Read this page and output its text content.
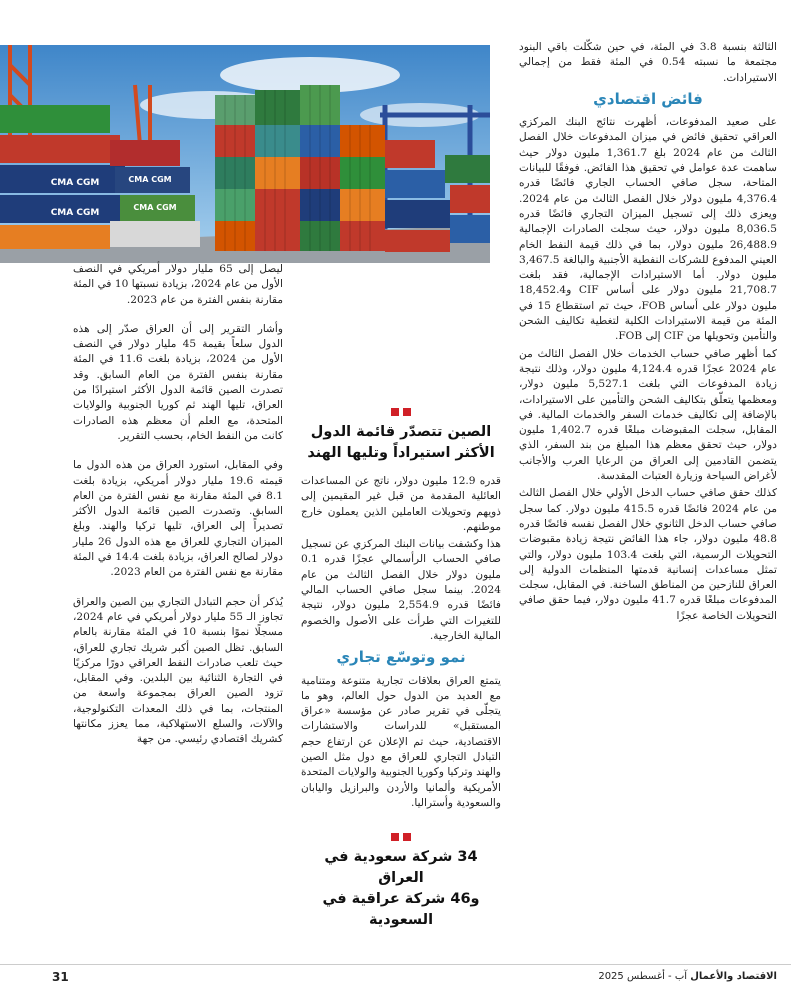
CMA CGM
CMA CGM
CMA CGM
CMA CGM

الثالثة بنسبة 3.8 في المئة، في حين شكّلت باقي البنود مجتمعة ما نسبته 0.54 في المئة فقط من إجمالي الاستيرادات.

فائض اقتصادي

على صعيد المدفوعات، أظهرت نتائج البنك المركزي العراقي تحقيق فائض في ميزان المدفوعات خلال الفصل الثالث من عام 2024 بلغ 1,361.7 مليون دولار حيث ساهمت عدة عوامل في تحقيق هذا الفائض. فوفقًا للبيانات المتاحة، سجل صافي الحساب الجاري فائضًا قدره 4,376.4 مليون دولار خلال الفصل الثالث من عام 2024. ويعزى ذلك إلى تسجيل الميزان التجاري فائضًا قدره 8,036.5 مليون دولار، حيث سجلت الصادرات الإجمالية 26,488.9 مليون دولار، بما في ذلك قيمة النفط الخام العيني المدفوع للشركات النفطية الأجنبية والبالغة 3,467.5 مليون دولار. أما الاستيرادات الإجمالية، فقد بلغت 21,708.7 مليون دولار على أساس CIF و18,452.4 مليون دولار على أساس FOB، حيث تم استقطاع 15 في المئة من قيمة الاستيرادات الكلية لتغطية تكاليف الشحن والتأمين وتحويلها من CIF إلى FOB.

كما أظهر صافي حساب الخدمات خلال الفصل الثالث من عام 2024 عجزًا قدره 4,124.4 مليون دولار، وذلك نتيجة زيادة المدفوعات التي بلغت 5,527.1 مليون دولار، ومعظمها يتعلّق بتكاليف الشحن والتأمين على الاستيرادات، بالإضافة إلى تكاليف خدمات السفر والخدمات المالية. في المقابل، سجلت المقبوضات مبلغًا قدره 1,402.7 مليون دولار، حيث تحقق معظم هذا المبلغ من بند السفر، الذي يتضمن القادمين إلى العراق من الرعايا العرب والأجانب لأغراض السياحة وزيارة العتبات المقدسة.

كذلك حقق صافي حساب الدخل الأولي خلال الفصل الثالث من عام 2024 فائضًا قدره 415.5 مليون دولار. كما سجل صافي حساب الدخل الثانوي خلال الفصل نفسه فائضًا قدره 48.8 مليون دولار، جاء هذا الفائض نتيجة زيادة مقبوضات التحويلات الرسمية، التي بلغت 103.4 مليون دولار، والتي تمثل مساعدات إنسانية قدمتها المنظمات الدولية إلى العراق للنازحين من المناطق الساخنة. في المقابل، سجلت المدفوعات مبلغًا قدره 41.7 مليون دولار، فيما حقق صافي التحويلات الخاصة عجزًا

الصين تتصدّر قائمة الدول
الأكثر استيراداً وتليها الهند

قدره 12.9 مليون دولار، ناتج عن المساعدات العائلية المقدمة من قبل غير المقيمين إلى ذويهم وتحويلات العاملين الذين يعملون خارج موطنهم.

هذا وكشفت بيانات البنك المركزي عن تسجيل صافي الحساب الرأسمالي عجزًا قدره 0.1 مليون دولار خلال الفصل الثالث من عام 2024. بينما سجل صافي الحساب المالي فائضًا قدره 2,554.9 مليون دولار، نتيجة للتغيرات التي طرأت على الأصول والخصوم المالية الخارجية.

نمو وتوسّع تجاري

يتمتع العراق بعلاقات تجارية متنوعة ومتنامية مع العديد من الدول حول العالم، وهو ما يتجلّى في تقرير صادر عن مؤسسة «عراق المستقبل» للدراسات والاستشارات الاقتصادية، حيث تم الإعلان عن ارتفاع حجم التبادل التجاري للعراق مع دول مثل الصين والهند وتركيا وكوريا الجنوبية والولايات المتحدة الأمريكية وألمانيا والأردن والبرازيل واليابان والسعودية وأستراليا.

34 شركة سعودية في العراق
و46 شركة عراقية في السعودية

ليصل إلى 65 مليار دولار أمريكي في النصف الأول من عام 2024، بزيادة نسبتها 10 في المئة مقارنة بنفس الفترة من عام 2023.

وأشار التقرير إلى أن العراق صدّر إلى هذه الدول سلعاً بقيمة 45 مليار دولار في النصف الأول من 2024، بزيادة بلغت 11.6 في المئة مقارنة بنفس الفترة من العام السابق. وقد تصدرت الصين قائمة الدول الأكثر استيرادًا من العراق، تليها الهند ثم كوريا الجنوبية والولايات المتحدة، مع العلم أن معظم هذه الصادرات كانت من النفط الخام، بحسب التقرير.

وفي المقابل، استورد العراق من هذه الدول ما قيمته 19.6 مليار دولار أمريكي، بزيادة بلغت 8.1 في المئة مقارنة مع نفس الفترة من العام السابق. وتصدرت الصين قائمة الدول الأكثر تصديراً إلى العراق، تليها تركيا والهند. وبلغ الميزان التجاري للعراق مع هذه الدول 26 مليار دولار لصالح العراق، بزيادة بلغت 14.4 في المئة مقارنة مع نفس الفترة من العام 2023.

يُذكر أن حجم التبادل التجاري بين الصين والعراق تجاوز الـ 55 مليار دولار أمريكي في عام 2024، مسجلًا نموًا بنسبة 10 في المئة مقارنة بالعام السابق. تظل الصين أكبر شريك تجاري للعراق، حيث تلعب صادرات النفط العراقي دورًا مركزيًا في التجارة الثنائية بين البلدين. وفي المقابل، تزود الصين العراق بمجموعة واسعة من المنتجات، بما في ذلك المعدات التكنولوجية، والآلات، والسلع الاستهلاكية، مما يعزز مكانتها كشريك اقتصادي رئيسي. من جهة

31	الاقتصاد والأعمال آب - أغسطس 2025
